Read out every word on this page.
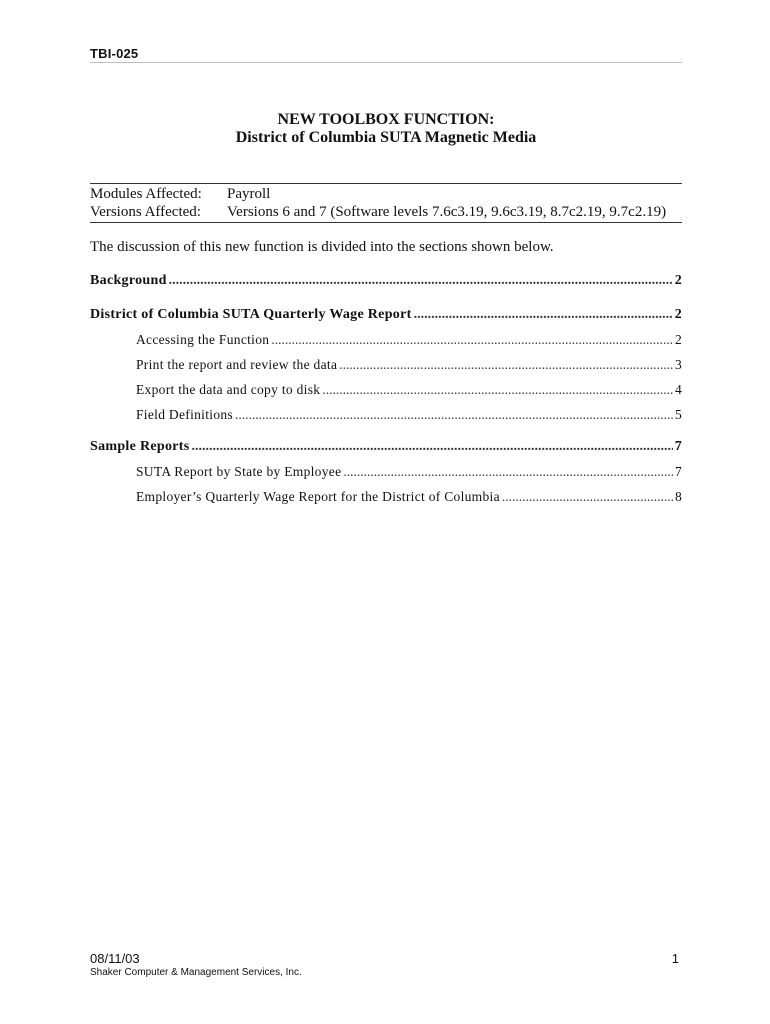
TBI-025
NEW TOOLBOX FUNCTION:
District of Columbia SUTA Magnetic Media
Modules Affected: Payroll
Versions Affected: Versions 6 and 7 (Software levels 7.6c3.19, 9.6c3.19, 8.7c2.19, 9.7c2.19)
The discussion of this new function is divided into the sections shown below.
Background .....	2
District of Columbia SUTA Quarterly Wage Report .....	2
Accessing the Function .....	2
Print the report and review the data .....	3
Export the data and copy to disk .....	4
Field Definitions .....	5
Sample Reports .....	7
SUTA Report by State by Employee .....	7
Employer’s Quarterly Wage Report for the District of Columbia .....	8
08/11/03
Shaker Computer & Management Services, Inc.
1
